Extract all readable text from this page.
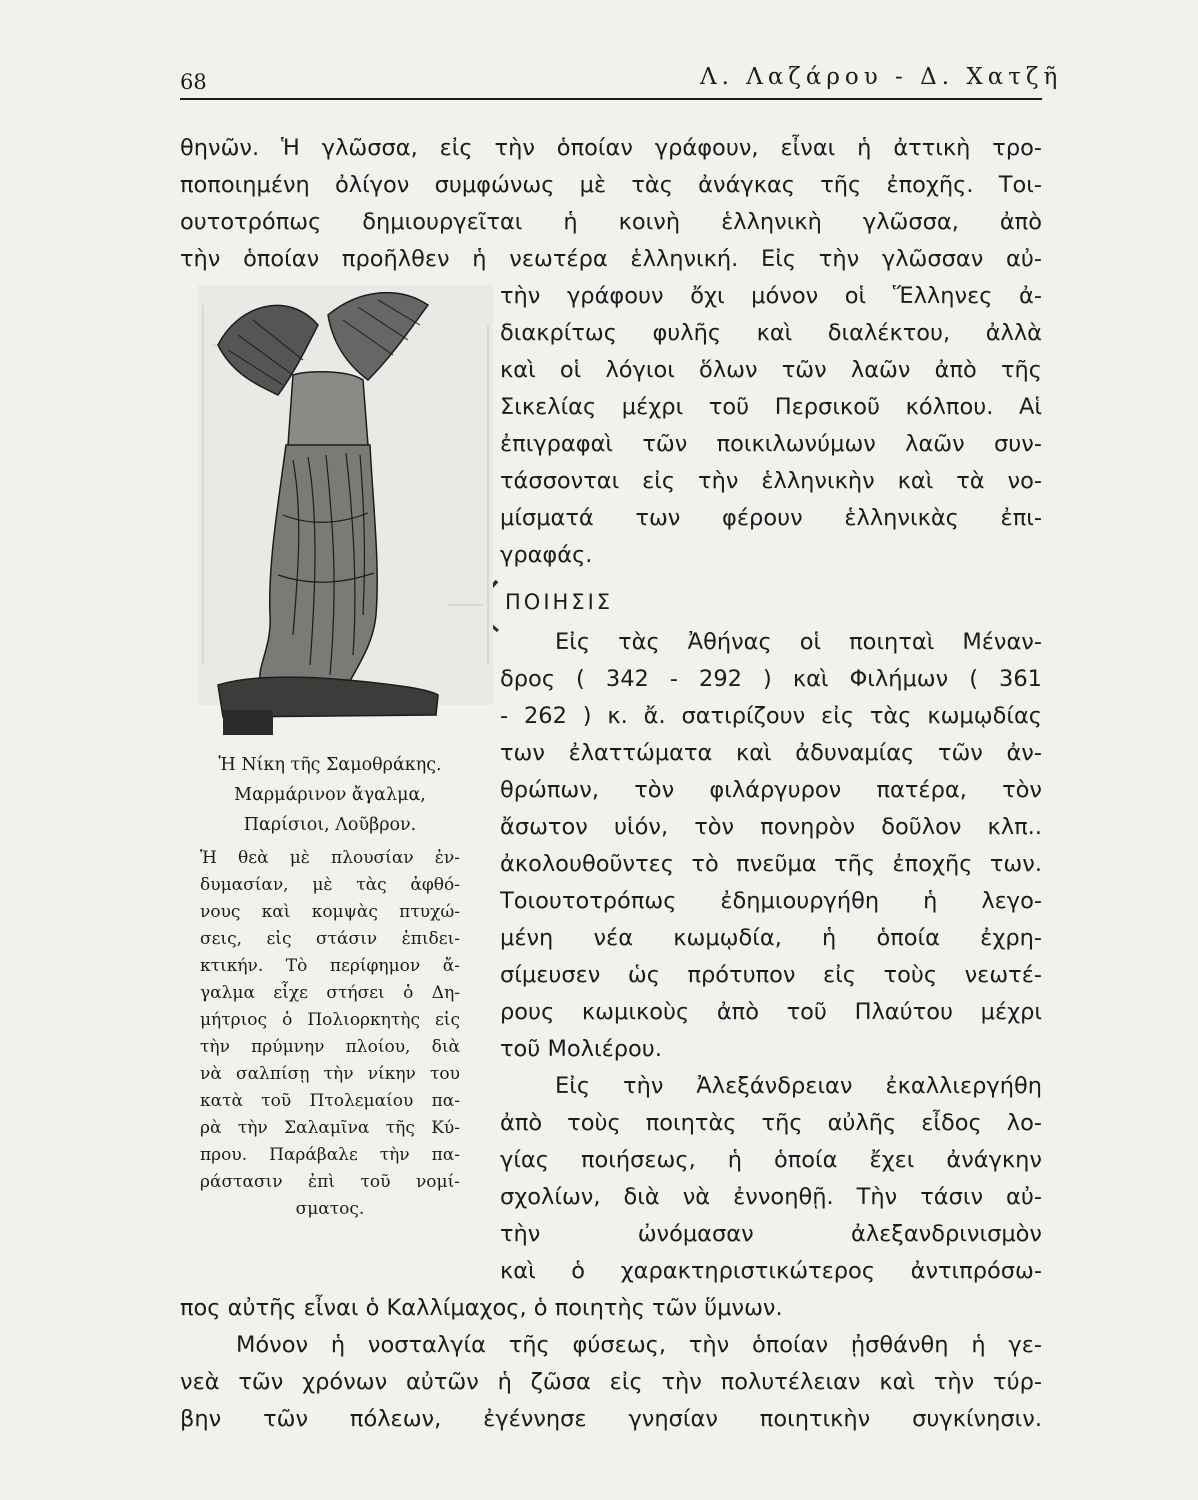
68	Λ. Λαζάρου - Δ. Χατζῆ
θηνῶν. Ἡ γλῶσσα, εἰς τὴν ὁποίαν γράφουν, εἶναι ἡ ἀττικὴ τρο-
ποποιημένη ὀλίγον συμφώνως μὲ τὰς ἀνάγκας τῆς ἐποχῆς. Τοι-
ουτοτρόπως δημιουργεῖται ἡ κοινὴ ἑλληνικὴ γλῶσσα, ἀπὸ
τὴν ὁποίαν προῆλθεν ἡ νεωτέρα ἑλληνική. Εἰς τὴν γλῶσσαν αὐ-
τὴν γράφουν ὄχι μόνον οἱ Ἕλληνες ἀ-
διακρίτως φυλῆς καὶ διαλέκτου, ἀλλὰ
καὶ οἱ λόγιοι ὅλων τῶν λαῶν ἀπὸ τῆς
Σικελίας μέχρι τοῦ Περσικοῦ κόλπου. Αἱ
ἐπιγραφαὶ τῶν ποικιλωνύμων λαῶν συν-
τάσσονται εἰς τὴν ἑλληνικὴν καὶ τὰ νο-
μίσματά των φέρουν ἑλληνικὰς ἐπι-
γραφάς.
ΠΟΙΗΣΙΣ
Εἰς τὰς Ἀθήνας οἱ ποιηταὶ Μέναν-
δρος ( 342 - 292 ) καὶ Φιλήμων ( 361
- 262 ) κ. ἄ. σατιρίζουν εἰς τὰς κωμῳδίας
των ἐλαττώματα καὶ ἀδυναμίας τῶν ἀν-
θρώπων, τὸν φιλάργυρον πατέρα, τὸν
ἄσωτον υἱόν, τὸν πονηρὸν δοῦλον κλπ..
ἀκολουθοῦντες τὸ πνεῦμα τῆς ἐποχῆς των.
Τοιουτοτρόπως ἐδημιουργήθη ἡ λεγο-
μένη νέα κωμῳδία, ἡ ὁποία ἐχρη-
σίμευσεν ὡς πρότυπον εἰς τοὺς νεωτέ-
ρους κωμικοὺς ἀπὸ τοῦ Πλαύτου μέχρι
τοῦ Μολιέρου.
Εἰς τὴν Ἀλεξάνδρειαν ἐκαλλιεργήθη
ἀπὸ τοὺς ποιητὰς τῆς αὐλῆς εἶδος λο-
γίας ποιήσεως, ἡ ὁποία ἔχει ἀνάγκην
σχολίων, διὰ νὰ ἐννοηθῇ. Τὴν τάσιν αὐ-
τὴν ὠνόμασαν ἀλεξανδρινισμὸν
καὶ ὁ χαρακτηριστικώτερος ἀντιπρόσω-
πος αὐτῆς εἶναι ὁ Καλλίμαχος, ὁ ποιητὴς τῶν ὕμνων.
Μόνον ἡ νοσταλγία τῆς φύσεως, τὴν ὁποίαν ᾐσθάνθη ἡ γε-
νεὰ τῶν χρόνων αὐτῶν ἡ ζῶσα εἰς τὴν πολυτέλειαν καὶ τὴν τύρ-
βην τῶν πόλεων, ἐγέννησε γνησίαν ποιητικὴν συγκίνησιν.
Ἡ Νίκη τῆς Σαμοθράκης.
Μαρμάρινον ἄγαλμα,
Παρίσιοι, Λοῦβρον.
Ἡ θεὰ μὲ πλουσίαν ἐν-
δυμασίαν, μὲ τὰς ἀφθό-
νους καὶ κομψὰς πτυχώ-
σεις, εἰς στάσιν ἐπιδει-
κτικήν. Τὸ περίφημον ἄ-
γαλμα εἶχε στήσει ὁ Δη-
μήτριος ὁ Πολιορκητὴς εἰς
τὴν πρύμνην πλοίου, διὰ
νὰ σαλπίσῃ τὴν νίκην του
κατὰ τοῦ Πτολεμαίου πα-
ρὰ τὴν Σαλαμῖνα τῆς Κύ-
πρου. Παράβαλε τὴν πα-
ράστασιν ἐπὶ τοῦ νομί-
σματος.
